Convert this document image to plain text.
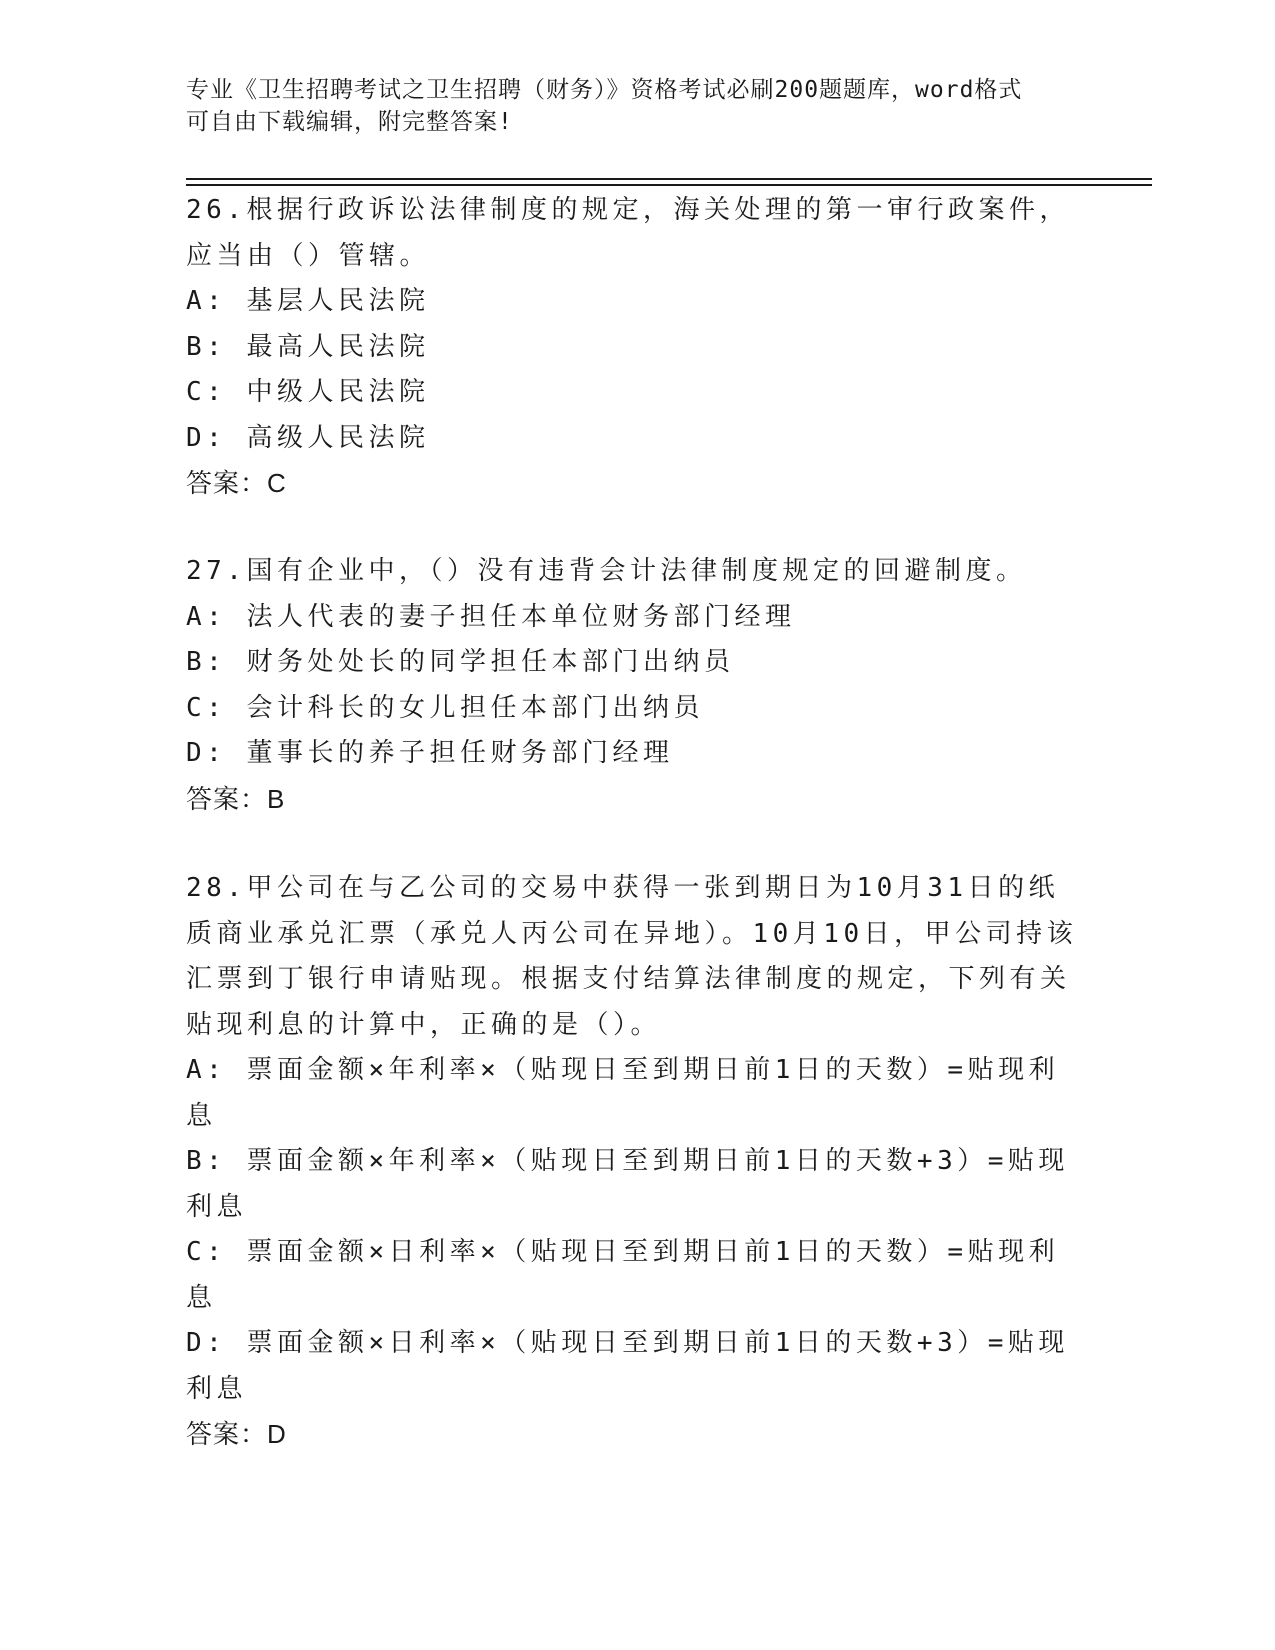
专业《卫生招聘考试之卫生招聘（财务）》资格考试必刷200题题库，word格式
可自由下载编辑，附完整答案!

26.根据行政诉讼法律制度的规定，海关处理的第一审行政案件，应当由（）管辖。

A: 基层人民法院

B: 最高人民法院

C: 中级人民法院

D: 高级人民法院

答案：C

27.国有企业中，（）没有违背会计法律制度规定的回避制度。

A: 法人代表的妻子担任本单位财务部门经理

B: 财务处处长的同学担任本部门出纳员

C: 会计科长的女儿担任本部门出纳员

D: 董事长的养子担任财务部门经理

答案：B

28.甲公司在与乙公司的交易中获得一张到期日为10月31日的纸质商业承兑汇票（承兑人丙公司在异地）。10月10日，甲公司持该汇票到丁银行申请贴现。根据支付结算法律制度的规定，下列有关贴现利息的计算中，正确的是（）。

A: 票面金额×年利率×（贴现日至到期日前1日的天数）=贴现利息

B: 票面金额×年利率×（贴现日至到期日前1日的天数+3）=贴现利息

C: 票面金额×日利率×（贴现日至到期日前1日的天数）=贴现利息

D: 票面金额×日利率×（贴现日至到期日前1日的天数+3）=贴现利息

答案：D
